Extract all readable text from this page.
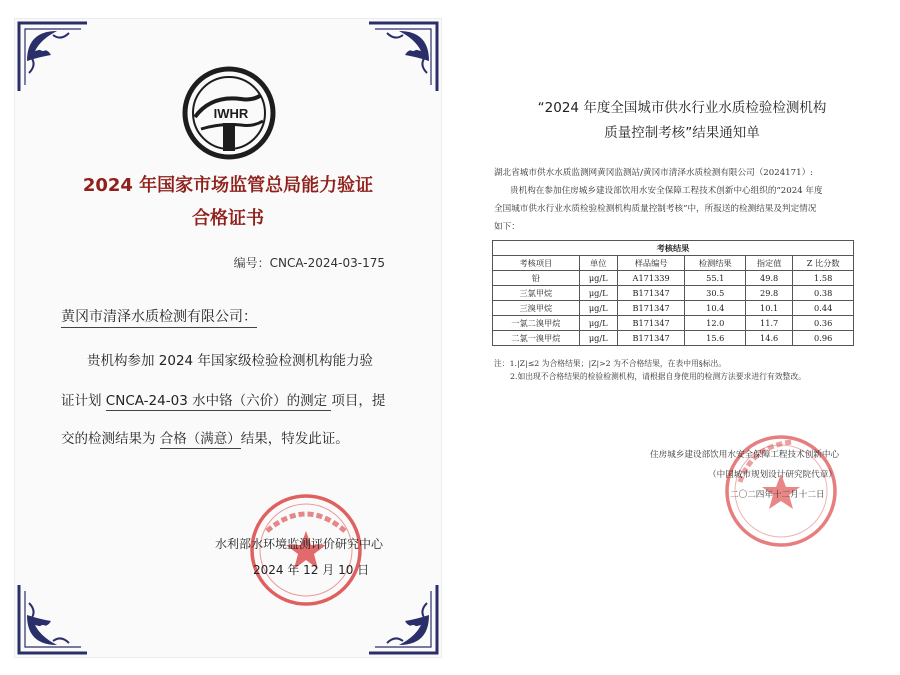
IWHR
2024 年国家市场监管总局能力验证
合格证书
编号：CNCA-2024-03-175
黄冈市清泽水质检测有限公司：
贵机构参加 2024 年国家级检验检测机构能力验
证计划 CNCA-24-03 水中铬（六价）的测定 项目，提
交的检测结果为 合格（满意）结果，特发此证。
水利部水环境监测评价研究中心
2024 年 12 月 10 日
“2024 年度全国城市供水行业水质检验检测机构
质量控制考核”结果通知单
湖北省城市供水水质监测网黄冈监测站/黄冈市清泽水质检测有限公司（2024171）:
贵机构在参加住房城乡建设部饮用水安全保障工程技术创新中心组织的“2024 年度
全国城市供水行业水质检验检测机构质量控制考核”中，所报送的检测结果及判定情况
如下：
考核结果					
考核项目	单位	样品编号	检测结果	指定值	Z 比分数
铅	μg/L	A171339	55.1	49.8	1.58
三氯甲烷	μg/L	B171347	30.5	29.8	0.38
三溴甲烷	μg/L	B171347	10.4	10.1	0.44
一氯二溴甲烷	μg/L	B171347	12.0	11.7	0.36
二氯一溴甲烷	μg/L	B171347	15.6	14.6	0.96
注：1.|Z|≤2 为合格结果；|Z|>2 为不合格结果，在表中用§标出。
2.如出现不合格结果的检验检测机构，请根据自身使用的检测方法要求进行有效整改。
住房城乡建设部饮用水安全保障工程技术创新中心
（中国城市规划设计研究院代章）
二〇二四年十二月十二日
